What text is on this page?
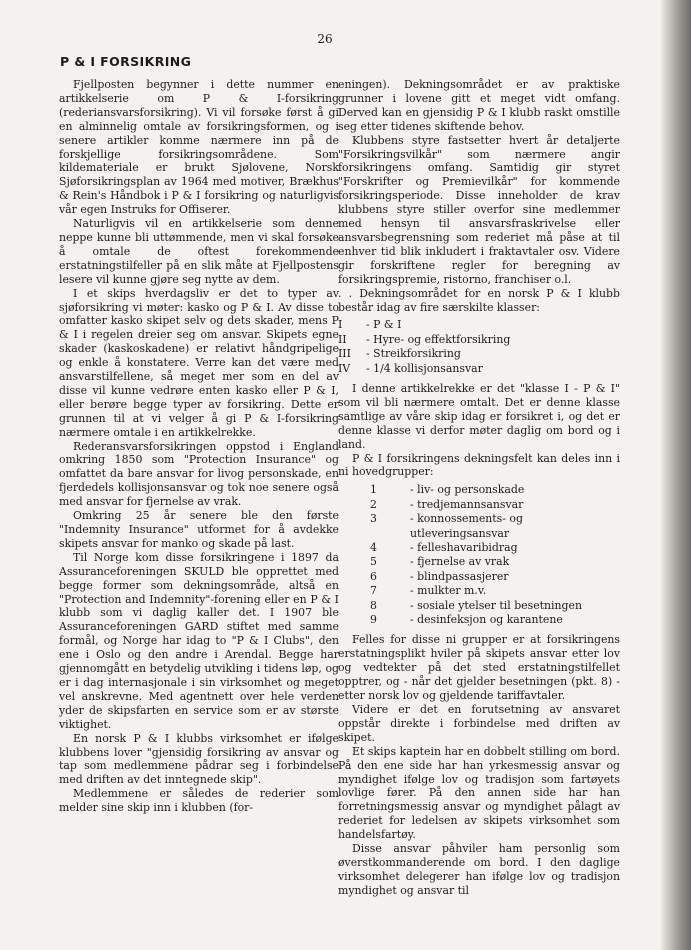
26
P & I FORSIKRING

Fjellposten begynner i dette nummer en artikkelserie om P & I-forsikring (rederiansvarsforsikring). Vi vil forsøke først å gi en alminnelig omtale av forsikringsformen, og i senere artikler komme nærmere inn på de forskjellige forsikringsområdene. Som kildemateriale er brukt Sjølovene, Norsk Sjøforsikringsplan av 1964 med motiver, Brækhus & Rein's Håndbok i P & I forsikring og naturligvis vår egen Instruks for Offiserer.

Naturligvis vil en artikkelserie som denne neppe kunne bli uttømmende, men vi skal forsøke å omtale de oftest forekommende erstatningstilfeller på en slik måte at Fjellpostens lesere vil kunne gjøre seg nytte av dem.

I et skips hverdagsliv er det to typer av sjøforsikring vi møter: kasko og P & I. Av disse to omfatter kasko skipet selv og dets skader, mens P & I i regelen dreier seg om ansvar. Skipets egne skader (kaskoskadene) er relativt håndgripelige og enkle å konstatere. Verre kan det være med ansvarstilfellene, så meget mer som en del av disse vil kunne vedrøre enten kasko eller P & I, eller berøre begge typer av forsikring. Dette er grunnen til at vi velger å gi P & I-forsikring nærmere omtale i en artikkelrekke.

Rederansvarsforsikringen oppstod i England omkring 1850 som "Protection Insurance" og omfattet da bare ansvar for livog personskade, en fjerdedels kollisjonsansvar og tok noe senere også med ansvar for fjernelse av vrak.

Omkring 25 år senere ble den første "Indemnity Insurance" utformet for å avdekke skipets ansvar for manko og skade på last.

Til Norge kom disse forsikringene i 1897 da Assuranceforeningen SKULD ble opprettet med begge former som dekningsområde, altså en "Protection and Indemnity"-forening eller en P & I klubb som vi daglig kaller det. I 1907 ble Assuranceforeningen GARD stiftet med samme formål, og Norge har idag to "P & I Clubs", den ene i Oslo og den andre i Arendal. Begge har gjennomgått en betydelig utvikling i tidens løp, og er i dag internasjonale i sin virksomhet og meget vel anskrevne. Med agentnett over hele verden yder de skipsfarten en service som er av største viktighet.

En norsk P & I klubbs virksomhet er ifølge klubbens lover "gjensidig forsikring av ansvar og tap som medlemmene pådrar seg i forbindelse med driften av det inntegnede skip".

Medlemmene er således de rederier som melder sine skip inn i klubben (for-

eningen). Dekningsområdet er av praktiske grunner i lovene gitt et meget vidt omfang. Derved kan en gjensidig P & I klubb raskt omstille seg etter tidenes skiftende behov.

Klubbens styre fastsetter hvert år detaljerte "Forsikringsvilkår" som nærmere angir forsikringens omfang. Samtidig gir styret "Forskrifter og Premievilkår" for kommende forsikringsperiode. Disse inneholder de krav klubbens styre stiller overfor sine medlemmer med hensyn til ansvarsfraskrivelse eller ansvarsbegrensning som rederiet må påse at til enhver tid blik inkludert i fraktavtaler osv. Videre gir forskriftene regler for beregning av forsikringspremie, ristorno, franchiser o.l.

. . Dekningsområdet for en norsk P & I klubb består idag av fire særskilte klasser:

I	- P & I
II	- Hyre- og effektforsikring
III	- Streikforsikring
IV	- 1/4 kollisjonsansvar

I denne artikkelrekke er det "klasse I - P & I" som vil bli nærmere omtalt. Det er denne klasse samtlige av våre skip idag er forsikret i, og det er denne klasse vi derfor møter daglig om bord og i land.

P & I forsikringens dekningsfelt kan deles inn i ni hovedgrupper:

1	- liv- og personskade
2	- tredjemannsansvar
3	- konnossements- og utleveringsansvar
4	- felleshavaribidrag
5	- fjernelse av vrak
6	- blindpassasjerer
7	- mulkter m.v.
8	- sosiale ytelser til besetningen
9	- desinfeksjon og karantene

Felles for disse ni grupper er at forsikringens erstatningsplikt hviler på skipets ansvar etter lov og vedtekter på det sted erstatningstilfellet opptrer, og - når det gjelder besetningen (pkt. 8) - etter norsk lov og gjeldende tariffavtaler.

Videre er det en forutsetning av ansvaret oppstår direkte i forbindelse med driften av skipet.

Et skips kaptein har en dobbelt stilling om bord. På den ene side har han yrkesmessig ansvar og myndighet ifølge lov og tradisjon som fartøyets lovlige fører. På den annen side har han forretningsmessig ansvar og myndighet pålagt av rederiet for ledelsen av skipets virksomhet som handelsfartøy.

Disse ansvar påhviler ham personlig som øverstkommanderende om bord. I den daglige virksomhet delegerer han ifølge lov og tradisjon myndighet og ansvar til
